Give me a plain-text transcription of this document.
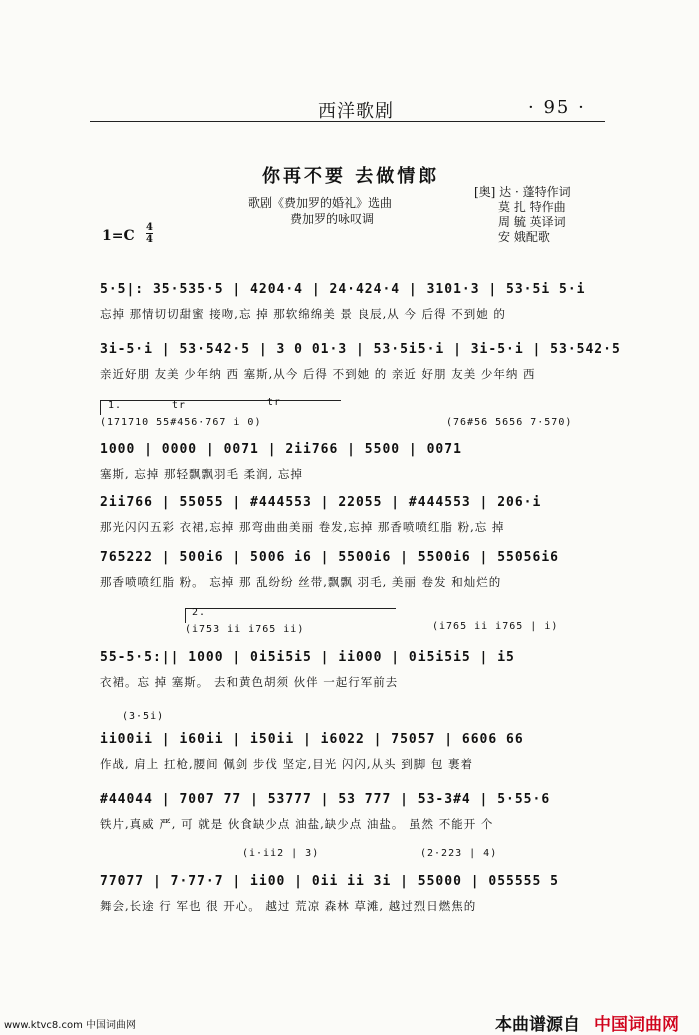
西洋歌剧	· 95 ·
你再不要 去做情郎
歌剧《费加罗的婚礼》选曲
费加罗的咏叹调
[奥] 达 · 蓬特作词
莫 扎 特作曲
周 毓 英译词
安 娥配歌
1=C
4
4
5·5|: 35·535·5 | 4204·4 | 24·424·4 | 3101·3 | 53·5i 5·i
忘掉 那情切切甜蜜 接吻,忘 掉 那软绵绵美 景 良辰,从 今 后得 不到她 的
3i-5·i | 53·542·5 | 3 0 01·3 | 53·5i5·i | 3i-5·i | 53·542·5
亲近好朋 友美 少年纳 西 塞斯,从今 后得 不到她 的 亲近 好朋 友美 少年纳 西
1.	tr	tr
(171710 55#456·767 i 0)	(76#56 5656 7·570)
1000 | 0000 | 0071 | 2ii766 | 5500 | 0071
塞斯, 忘掉 那轻飘飘羽毛 柔润, 忘掉
2ii766 | 55055 | #444553 | 22055 | #444553 | 206·i
那光闪闪五彩 衣裙,忘掉 那弯曲曲美丽 卷发,忘掉 那香喷喷红脂 粉,忘 掉
765222 | 500i6 | 5006 i6 | 5500i6 | 5500i6 | 55056i6
那香喷喷红脂 粉。 忘掉 那 乱纷纷 丝带,飘飘 羽毛, 美丽 卷发 和灿烂的
2.
(i753 ii i765 ii)	(i765 ii i765 | i)
55-5·5:|| 1000 | 0i5i5i5 | ii000 | 0i5i5i5 | i5
衣裙。忘 掉 塞斯。 去和黄色胡须 伙伴 一起行军前去
(3·5i)
ii00ii | i60ii | i50ii | i6022 | 75057 | 6606 66
作战, 肩上 扛枪,腰间 佩剑 步伐 坚定,目光 闪闪,从头 到脚 包 裹着
#44044 | 7007 77 | 53777 | 53 777 | 53-3#4 | 5·55·6
铁片,真威 严, 可 就是 伙食缺少点 油盐,缺少点 油盐。 虽然 不能开 个
(i·ii2 | 3)	(2·223 | 4)
77077 | 7·77·7 | ii00 | 0ii ii 3i | 55000 | 055555 5
舞会,长途 行 军也 很 开心。 越过 荒凉 森林 草滩, 越过烈日燃焦的
www.ktvc8.com 中国词曲网	本曲谱源自 中国词曲网
